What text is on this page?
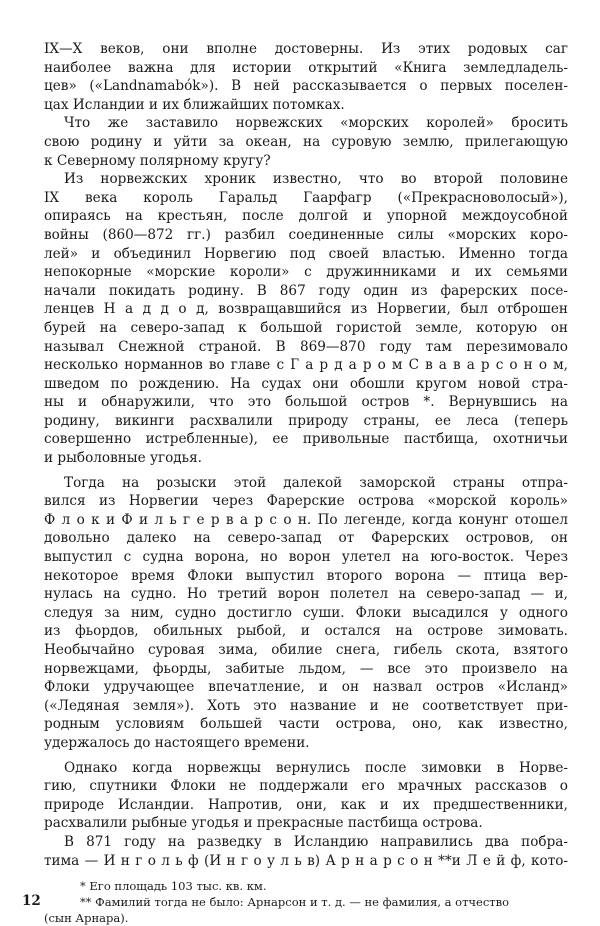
IX—X веков, они вполне достоверны. Из этих родовых саг
наиболее важна для истории открытий «Книга земледладель-
цев» («Landnamabók»). В ней рассказывается о первых поселен-
цах Исландии и их ближайших потомках.
Что же заставило норвежских «морских королей» бросить
свою родину и уйти за океан, на суровую землю, прилегающую
к Северному полярному кругу?
Из норвежских хроник известно, что во второй половине
IX века король Гаральд Гаарфагр («Прекрасноволосый»),
опираясь на крестьян, после долгой и упорной междоусобной
войны (860—872 гг.) разбил соединенные силы «морских коро-
лей» и объединил Норвегию под своей властью. Именно тогда
непокорные «морские короли» с дружинниками и их семьями
начали покидать родину. В 867 году один из фарерских посе-
ленцев Н а д д о д, возвращавшийся из Норвегии, был отброшен
бурей на северо-запад к большой гористой земле, которую он
называл Снежной страной. В 869—870 году там перезимовало
несколько норманнов во главе с Г а р д а р о м С в а в а р с о н о м,
шведом по рождению. На судах они обошли кругом новой стра-
ны и обнаружили, что это большой остров *. Вернувшись на
родину, викинги расхвалили природу страны, ее леса (теперь
совершенно истребленные), ее привольные пастбища, охотничьи
и рыболовные угодья.
Тогда на розыски этой далекой заморской страны отпра-
вился из Норвегии через Фарерские острова «морской король»
Ф л о к и Ф и л ь г е р в а р с о н. По легенде, когда конунг отошел
довольно далеко на северо-запад от Фарерских островов, он
выпустил с судна ворона, но ворон улетел на юго-восток. Через
некоторое время Флоки выпустил второго ворона — птица вер-
нулась на судно. Но третий ворон полетел на северо-запад — и,
следуя за ним, судно достигло суши. Флоки высадился у одного
из фьордов, обильных рыбой, и остался на острове зимовать.
Необычайно суровая зима, обилие снега, гибель скота, взятого
норвежцами, фьорды, забитые льдом, — все это произвело на
Флоки удручающее впечатление, и он назвал остров «Исланд»
(«Ледяная земля»). Хоть это название и не соответствует при-
родным условиям большей части острова, оно, как известно,
удержалось до настоящего времени.
Однако когда норвежцы вернулись после зимовки в Норве-
гию, спутники Флоки не поддержали его мрачных рассказов о
природе Исландии. Напротив, они, как и их предшественники,
расхвалили рыбные угодья и прекрасные пастбища острова.
В 871 году на разведку в Исландию направились два побра-
тима — И н г о л ь ф (И н г о у л ь в) А р н а р с о н **и Л е й ф, кото-
* Его площадь 103 тыс. кв. км.
** Фамилий тогда не было: Арнарсон и т. д. — не фамилия, а отчество
(сын Арнара).
12
